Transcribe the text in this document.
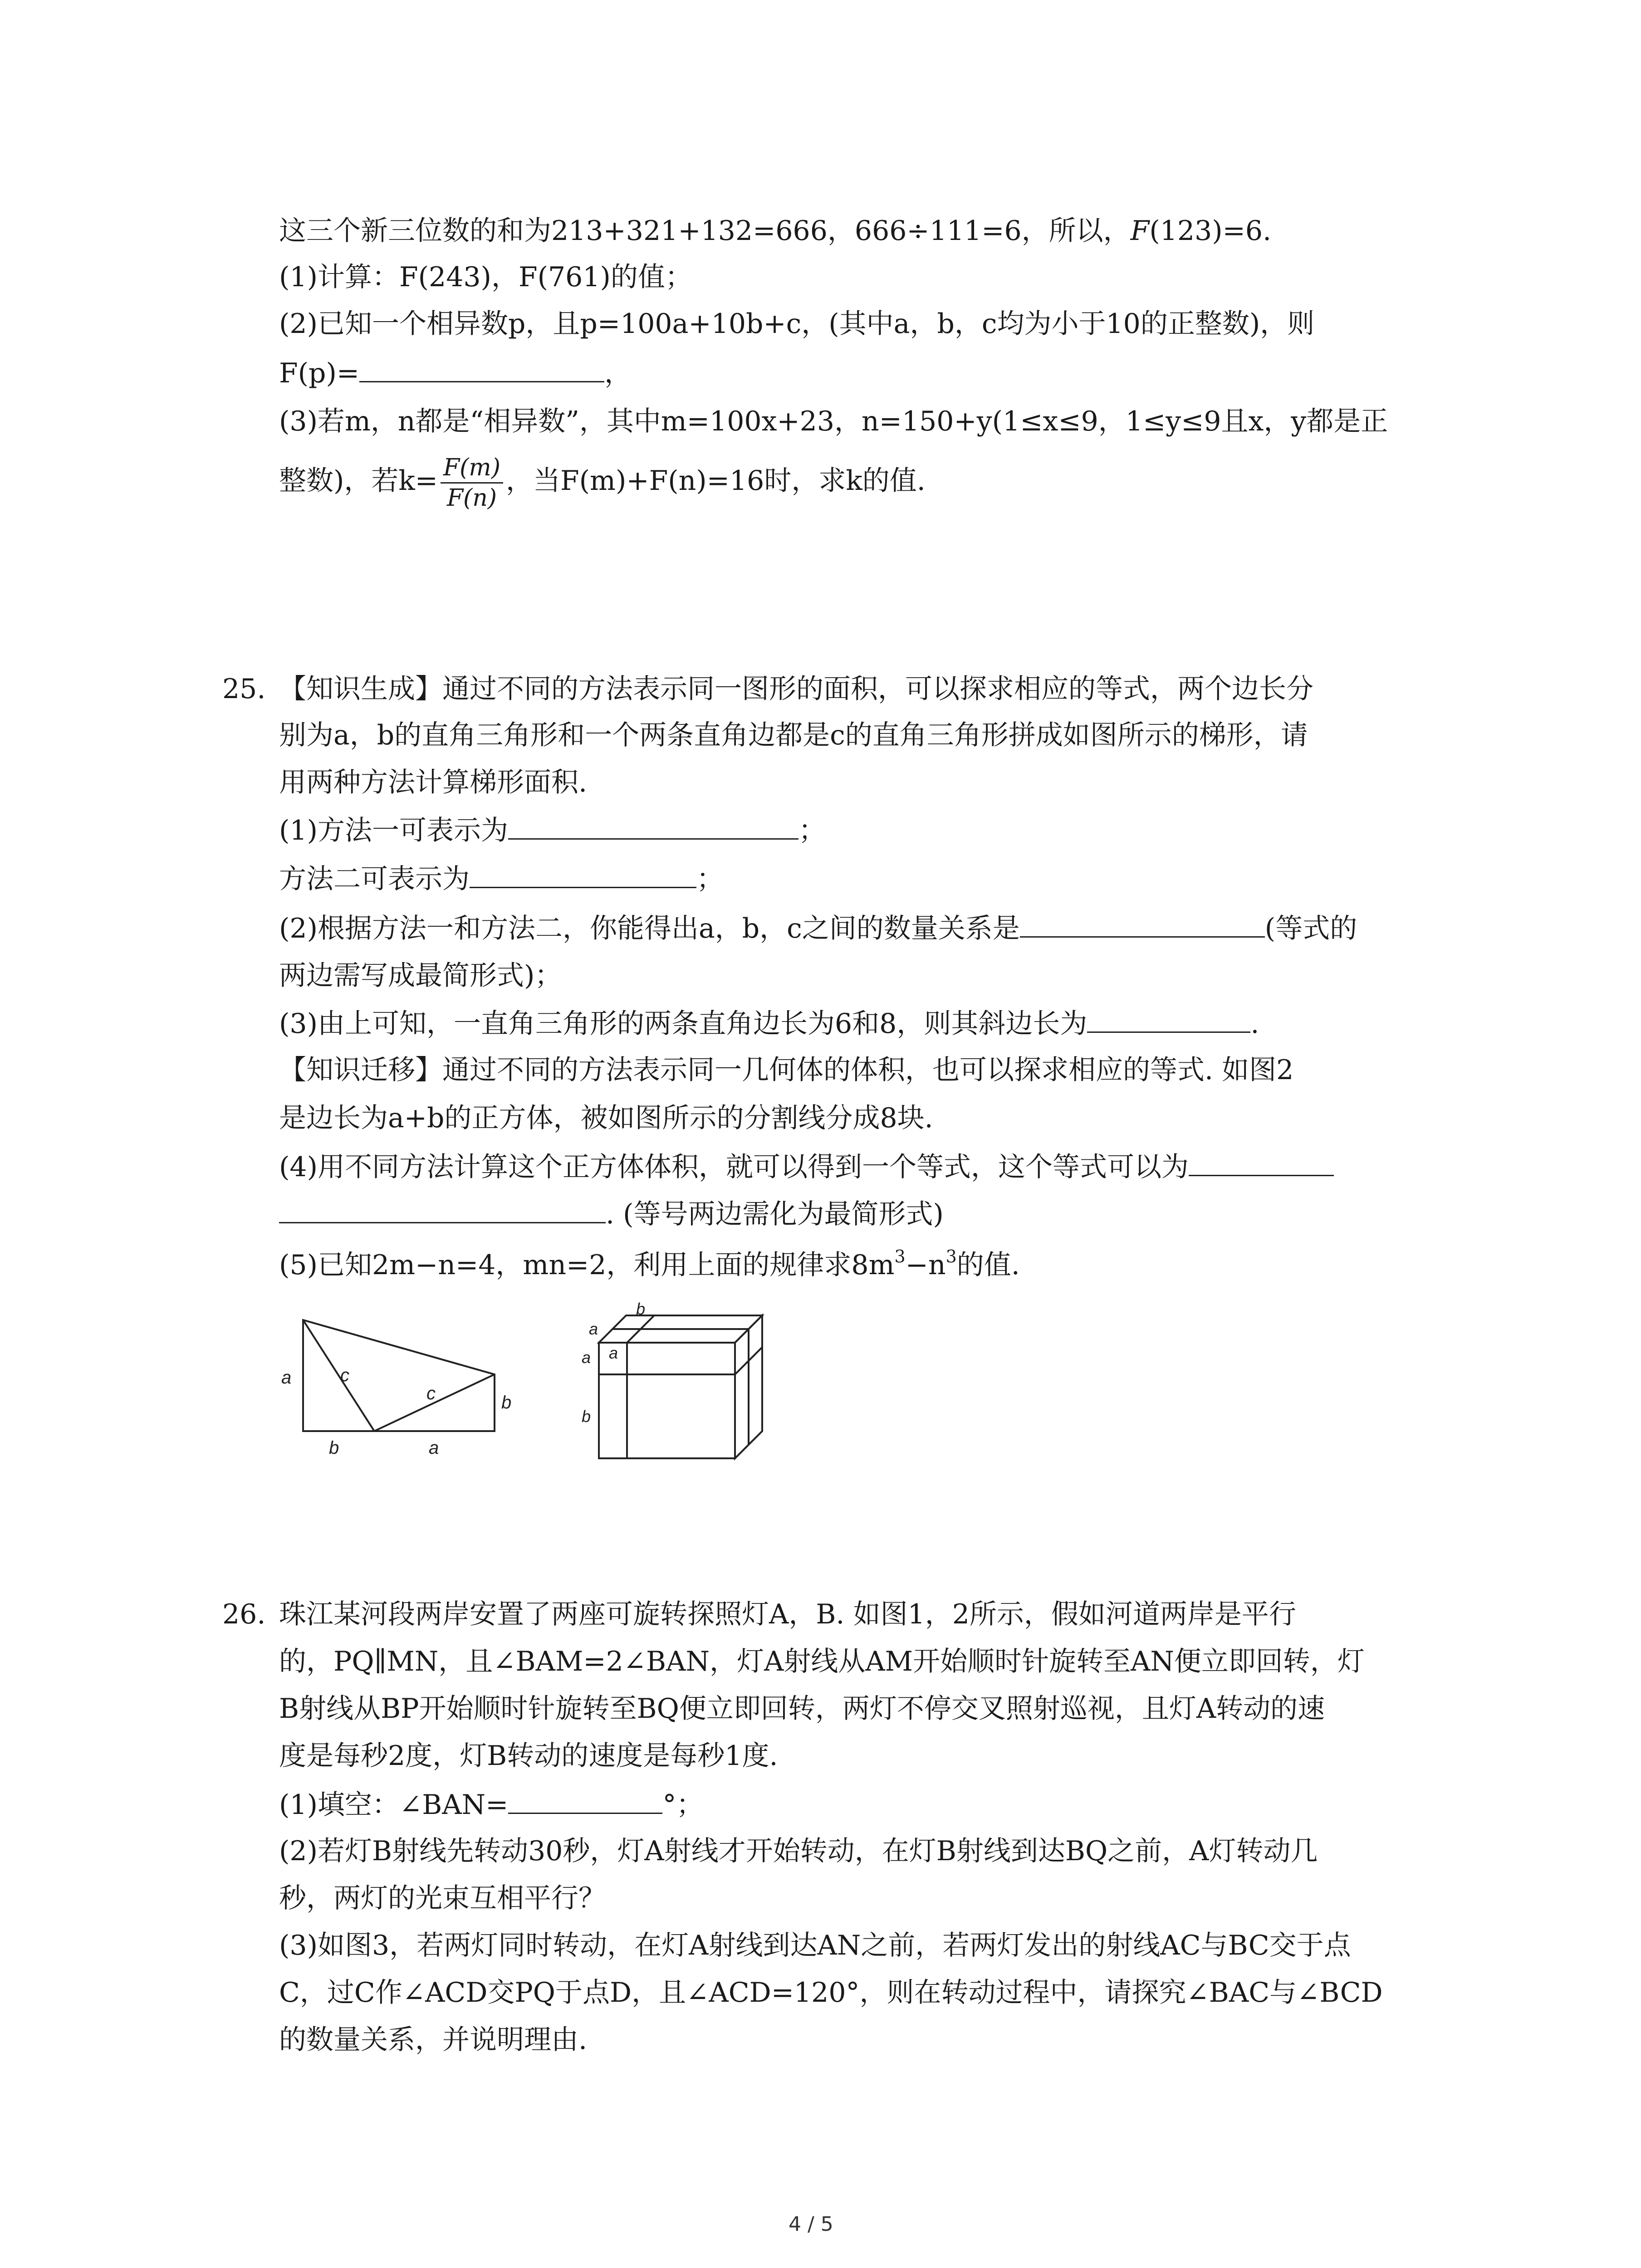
这三个新三位数的和为213+321+132=666，666÷111=6，所以，F(123)=6.
(1)计算：F(243)，F(761)的值；
(2)已知一个相异数p，且p=100a+10b+c，(其中a，b，c均为小于10的正整数)，则
F(p)=	，
(3)若m，n都是“相异数”，其中m=100x+23，n=150+y(1≤x≤9，1≤y≤9且x，y都是正
整数)，若$k= \frac{F(m)}{F(n)}$ ，当F(m)+F(n)=16时，求k的值.
25. 【知识生成】通过不同的方法表示同一图形的面积，可以探求相应的等式，两个边长分
别为a，b的直角三角形和一个两条直角边都是c的直角三角形拼成如图所示的梯形，请
用两种方法计算梯形面积.
(1)方法一可表示为	；
方法二可表示为	；
(2)根据方法一和方法二，你能得出a，b，c之间的数量关系是	(等式的
两边需写成最简形式)；
(3)由上可知，一直角三角形的两条直角边长为6和8，则其斜边长为	.
【知识迁移】通过不同的方法表示同一几何体的体积，也可以探求相应的等式. 如图2
是边长为a+b的正方体，被如图所示的分割线分成8块.
(4)用不同方法计算这个正方体体积，就可以得到一个等式，这个等式可以为
. (等号两边需化为最简形式)
(5)已知2m−n=4，mn=2，利用上面的规律求$8m^3-n^3$的值.
a	c
c	b
b	a
b
a
a
a
b
26. 珠江某河段两岸安置了两座可旋转探照灯A，B. 如图1，2所示，假如河道两岸是平行
的，PQ∥MN，且∠BAM=2∠BAN，灯A射线从AM开始顺时针旋转至AN便立即回转，灯
B射线从BP开始顺时针旋转至BQ便立即回转，两灯不停交叉照射巡视，且灯A转动的速
度是每秒2度，灯B转动的速度是每秒1度.
(1)填空：∠BAN=	°；
(2)若灯B射线先转动30秒，灯A射线才开始转动，在灯B射线到达BQ之前，A灯转动几
秒，两灯的光束互相平行？
(3)如图3，若两灯同时转动，在灯A射线到达AN之前，若两灯发出的射线AC与BC交于点
C，过C作∠ACD交PQ于点D，且∠ACD=120°，则在转动过程中，请探究∠BAC与∠BCD
的数量关系，并说明理由.
4 / 5
